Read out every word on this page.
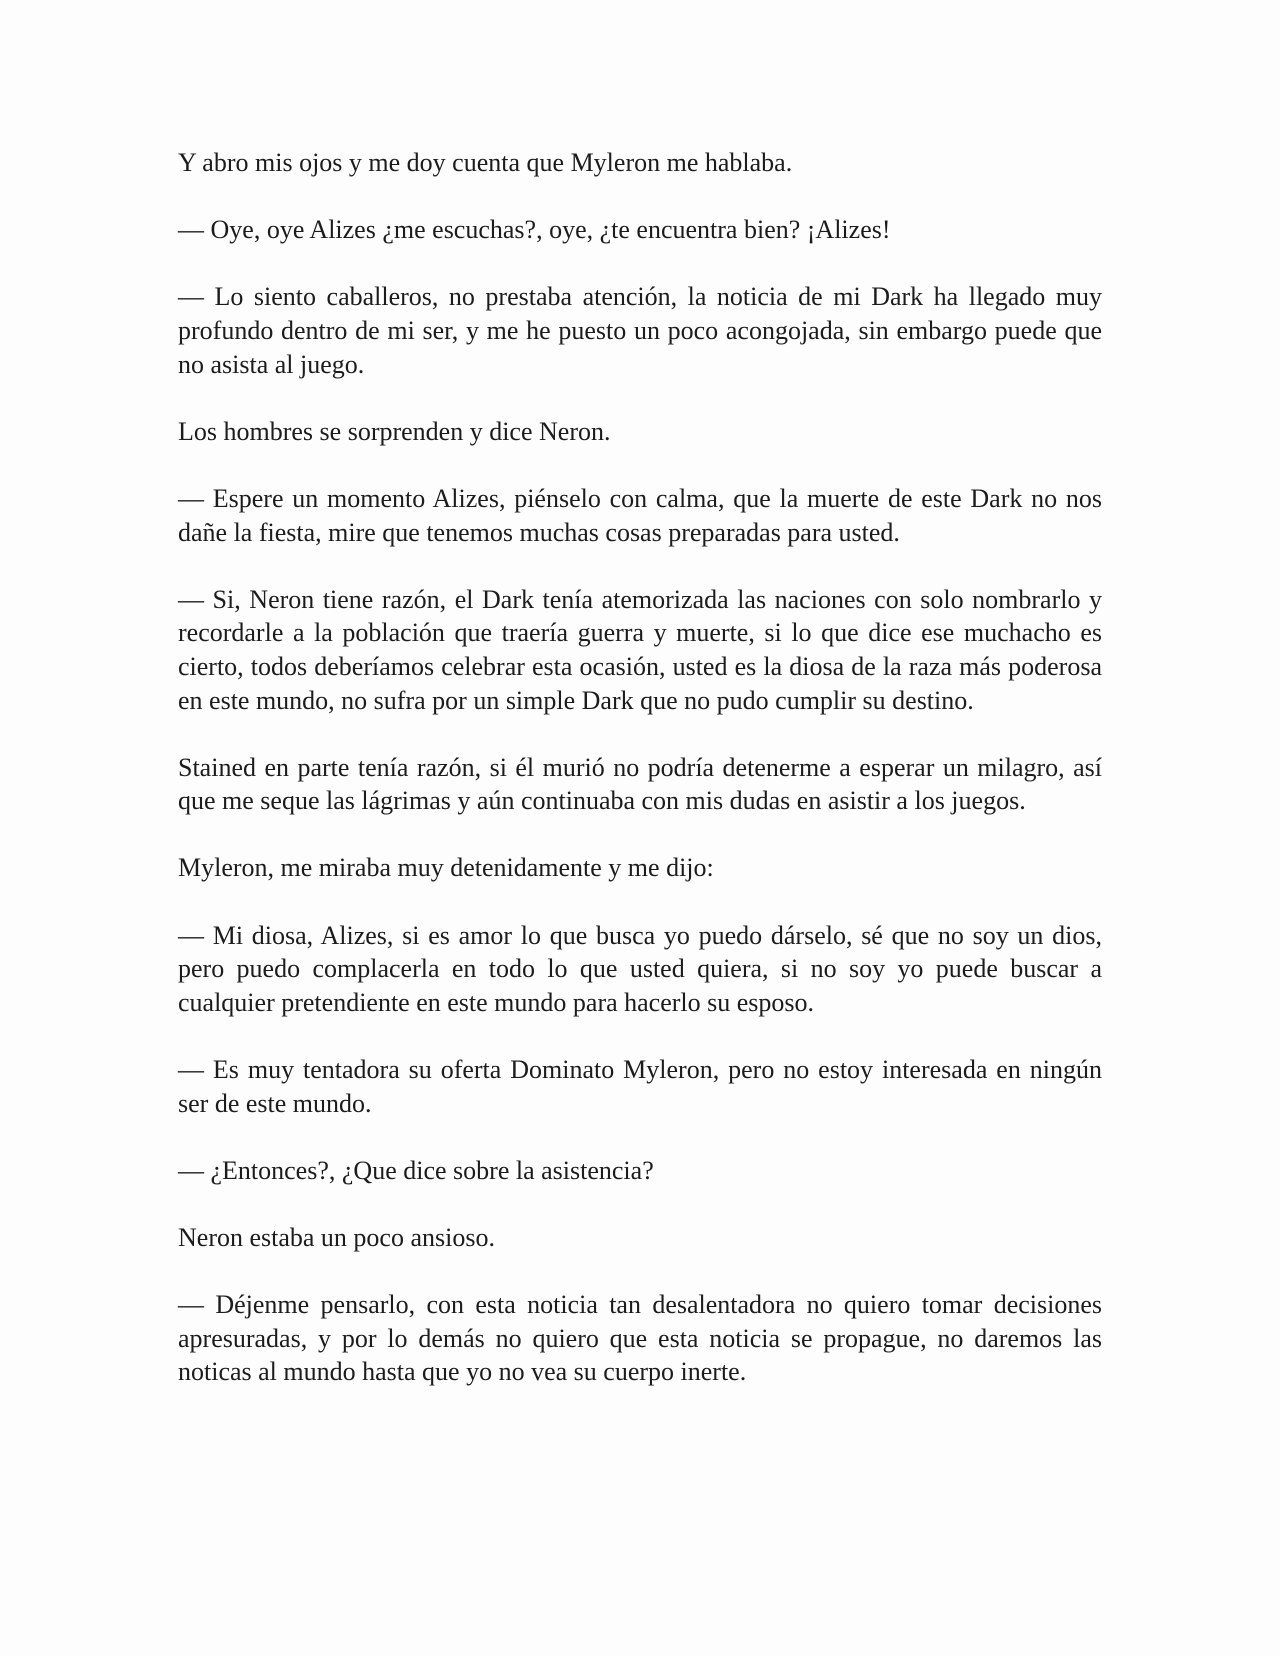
Y abro mis ojos y me doy cuenta que Myleron me hablaba.

— Oye, oye Alizes ¿me escuchas?, oye, ¿te encuentra bien? ¡Alizes!

— Lo siento caballeros, no prestaba atención, la noticia de mi Dark ha llegado muy profundo dentro de mi ser, y me he puesto un poco acongojada, sin embargo puede que no asista al juego.

Los hombres se sorprenden y dice Neron.

— Espere un momento Alizes, piénselo con calma, que la muerte de este Dark no nos dañe la fiesta, mire que tenemos muchas cosas preparadas para usted.

— Si, Neron tiene razón, el Dark tenía atemorizada las naciones con solo nombrarlo y recordarle a la población que traería guerra y muerte, si lo que dice ese muchacho es cierto, todos deberíamos celebrar esta ocasión, usted es la diosa de la raza más poderosa en este mundo, no sufra por un simple Dark que no pudo cumplir su destino.

Stained en parte tenía razón, si él murió no podría detenerme a esperar un milagro, así que me seque las lágrimas y aún continuaba con mis dudas en asistir a los juegos.

Myleron, me miraba muy detenidamente y me dijo:

— Mi diosa, Alizes, si es amor lo que busca yo puedo dárselo, sé que no soy un dios, pero puedo complacerla en todo lo que usted quiera, si no soy yo puede buscar a cualquier pretendiente en este mundo para hacerlo su esposo.

— Es muy tentadora su oferta Dominato Myleron, pero no estoy interesada en ningún ser de este mundo.

— ¿Entonces?, ¿Que dice sobre la asistencia?

Neron estaba un poco ansioso.

— Déjenme pensarlo, con esta noticia tan desalentadora no quiero tomar decisiones apresuradas, y por lo demás no quiero que esta noticia se propague, no daremos las noticas al mundo hasta que yo no vea su cuerpo inerte.
